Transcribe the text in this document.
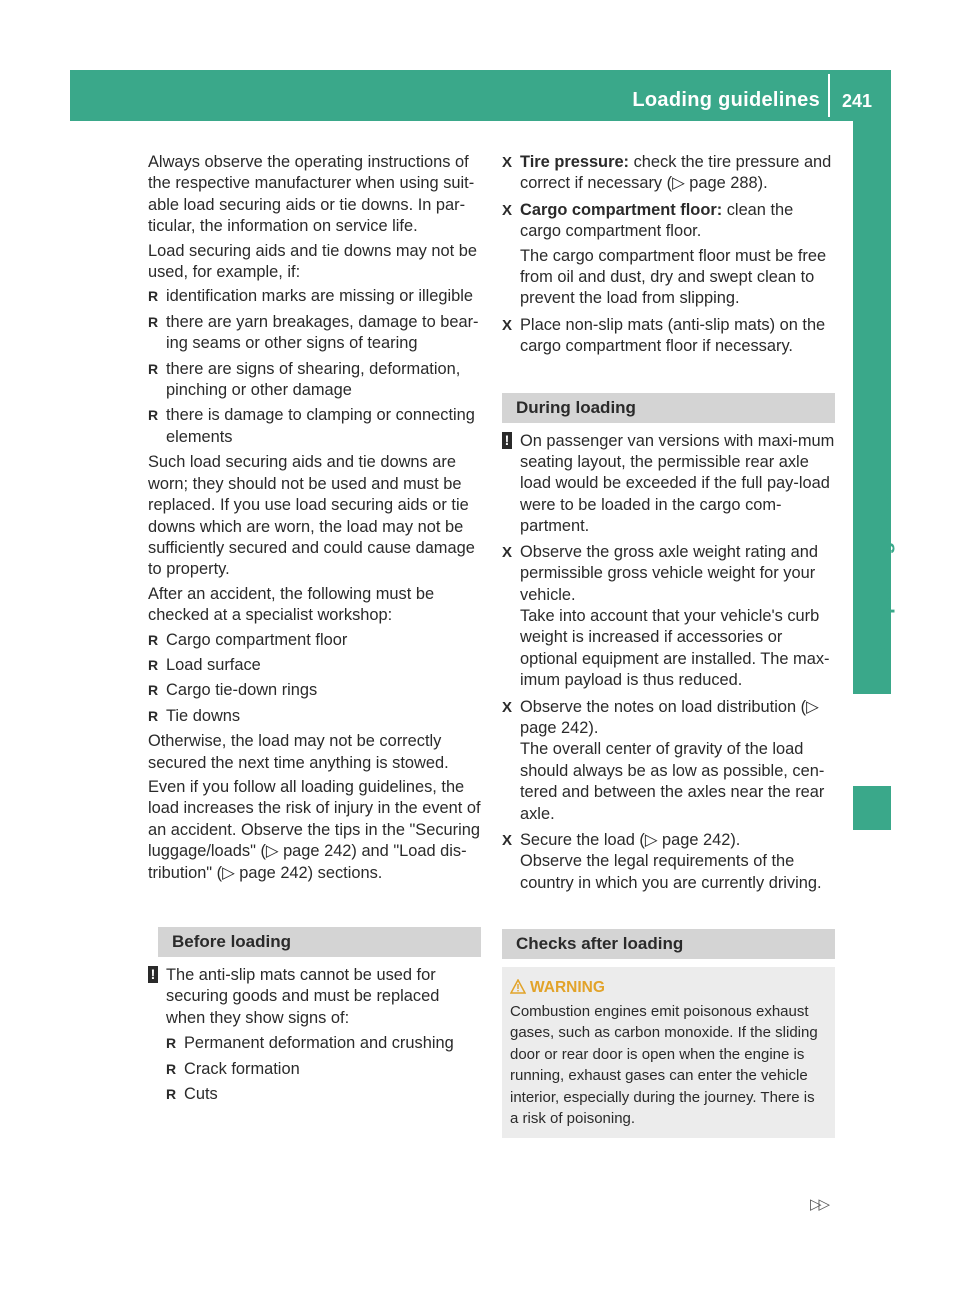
Loading guidelines 241
Transporting loads

Always observe the operating instructions of the respective manufacturer when using suit-able load securing aids or tie downs. In par-ticular, the information on service life.

Load securing aids and tie downs may not be used, for example, if:

R identification marks are missing or illegible
R there are yarn breakages, damage to bear-ing seams or other signs of tearing
R there are signs of shearing, deformation, pinching or other damage
R there is damage to clamping or connecting elements

Such load securing aids and tie downs are worn; they should not be used and must be replaced. If you use load securing aids or tie downs which are worn, the load may not be sufficiently secured and could cause damage to property.

After an accident, the following must be checked at a specialist workshop:

R Cargo compartment floor
R Load surface
R Cargo tie-down rings
R Tie downs

Otherwise, the load may not be correctly secured the next time anything is stowed.

Even if you follow all loading guidelines, the load increases the risk of injury in the event of an accident. Observe the tips in the "Securing luggage/loads" (▷ page 242) and "Load dis-tribution" (▷ page 242) sections.

Before loading
! The anti-slip mats cannot be used for securing goods and must be replaced when they show signs of:
R Permanent deformation and crushing
R Crack formation
R Cuts
X Tire pressure: check the tire pressure and correct if necessary (▷ page 288).
X Cargo compartment floor: clean the cargo compartment floor.
The cargo compartment floor must be free from oil and dust, dry and swept clean to prevent the load from slipping.
X Place non-slip mats (anti-slip mats) on the cargo compartment floor if necessary.
During loading
! On passenger van versions with maxi-mum seating layout, the permissible rear axle load would be exceeded if the full pay-load were to be loaded in the cargo com-partment.
X Observe the gross axle weight rating and permissible gross vehicle weight for your vehicle.
Take into account that your vehicle's curb weight is increased if accessories or optional equipment are installed. The max-imum payload is thus reduced.
X Observe the notes on load distribution (▷ page 242).
The overall center of gravity of the load should always be as low as possible, cen-tered and between the axles near the rear axle.
X Secure the load (▷ page 242).
Observe the legal requirements of the country in which you are currently driving.
Checks after loading
WARNING
Combustion engines emit poisonous exhaust gases, such as carbon monoxide. If the sliding door or rear door is open when the engine is running, exhaust gases can enter the vehicle interior, especially during the journey. There is a risk of poisoning.
▷▷
